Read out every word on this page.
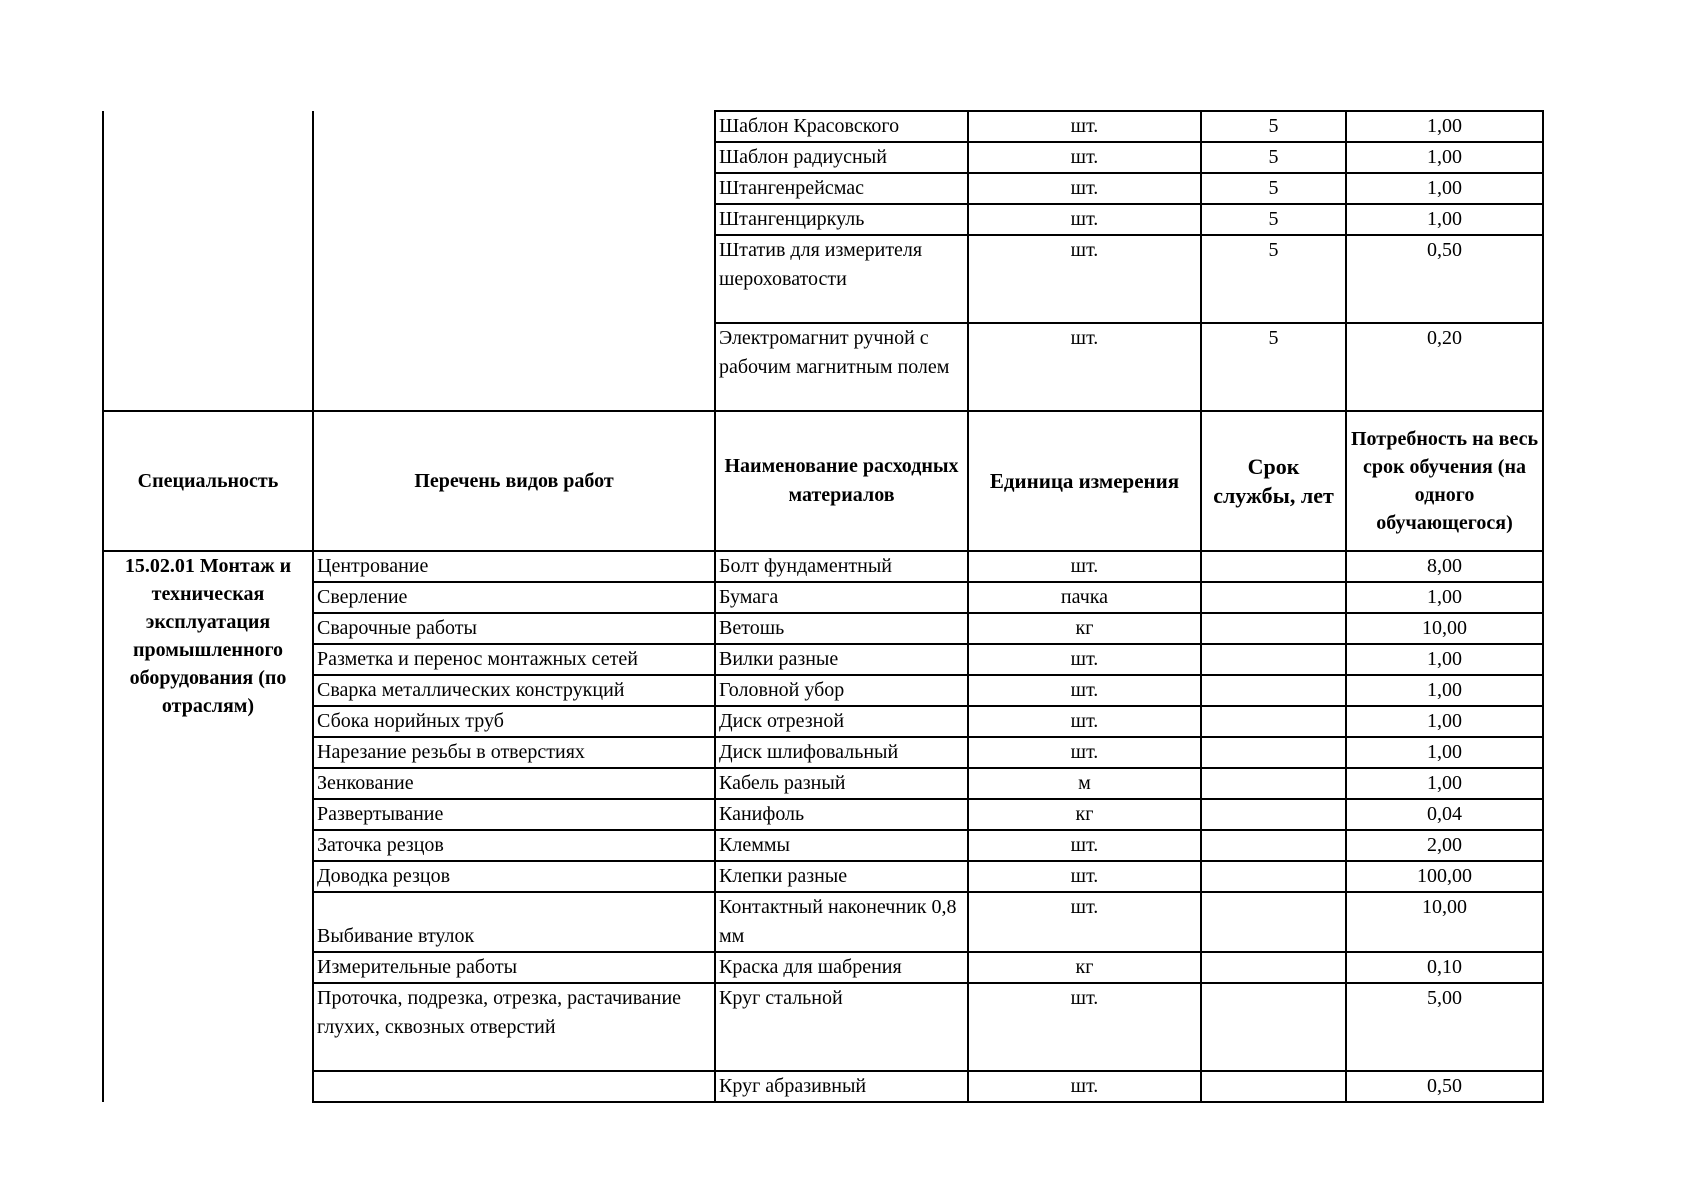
		Шаблон Красовского	шт.	5	1,00
		Шаблон радиусный	шт.	5	1,00
		Штангенрейсмас	шт.	5	1,00
		Штангенциркуль	шт.	5	1,00
		Штатив для измерителя шероховатости	шт.	5	0,50
		Электромагнит ручной с рабочим магнитным полем	шт.	5	0,20
Специальность	Перечень видов работ	Наименование расходных материалов	Единица измерения	Срок службы, лет	Потребность на весь срок обучения (на одного обучающегося)
15.02.01 Монтаж и техническая эксплуатация промышленного оборудования (по отраслям)	Центрование	Болт фундаментный	шт.		8,00
	Сверление	Бумага	пачка		1,00
	Сварочные работы	Ветошь	кг		10,00
	Разметка и перенос монтажных сетей	Вилки разные	шт.		1,00
	Сварка металлических конструкций	Головной убор	шт.		1,00
	Сбока норийных труб	Диск отрезной	шт.		1,00
	Нарезание резьбы в отверстиях	Диск шлифовальный	шт.		1,00
	Зенкование	Кабель разный	м		1,00
	Развертывание	Канифоль	кг		0,04
	Заточка резцов	Клеммы	шт.		2,00
	Доводка резцов	Клепки разные	шт.		100,00
	Выбивание втулок	Контактный наконечник 0,8 мм	шт.		10,00
	Измерительные работы	Краска для шабрения	кг		0,10
	Проточка, подрезка, отрезка, растачивание глухих, сквозных отверстий	Круг стальной	шт.		5,00
		Круг абразивный	шт.		0,50
